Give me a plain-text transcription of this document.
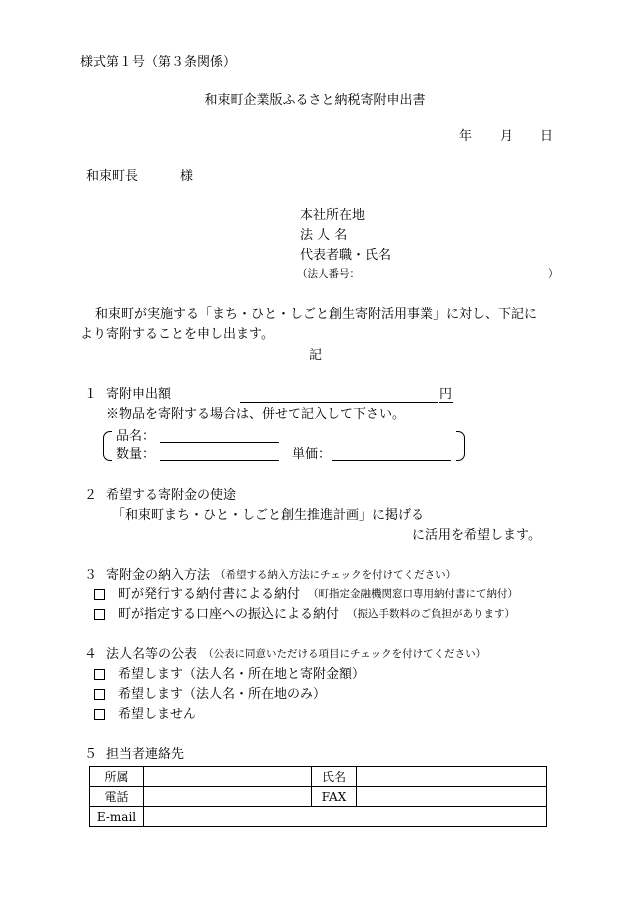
様式第１号（第３条関係）
和束町企業版ふるさと納税寄附申出書
年 月 日
和束町長	様
本社所在地
法 人 名
代表者職・氏名
（法人番号：	）
和束町が実施する「まち・ひと・しごと創生寄附活用事業」に対し、下記に
より寄附することを申し出ます。
記
１ 寄附申出額	円
※物品を寄附する場合は、併せて記入して下さい。
品名：
数量：	単価：
２ 希望する寄附金の使途
「和束町まち・ひと・しごと創生推進計画」に掲げる
に活用を希望します。
３ 寄附金の納入方法 （希望する納入方法にチェックを付けてください）
町が発行する納付書による納付 （町指定金融機関窓口専用納付書にて納付）
町が指定する口座への振込による納付 （振込手数料のご負担があります）
４ 法人名等の公表 （公表に同意いただける項目にチェックを付けてください）
希望します（法人名・所在地と寄附金額）
希望します（法人名・所在地のみ）
希望しません
５ 担当者連絡先
所属		氏名	
電話		FAX	
E-mail			
